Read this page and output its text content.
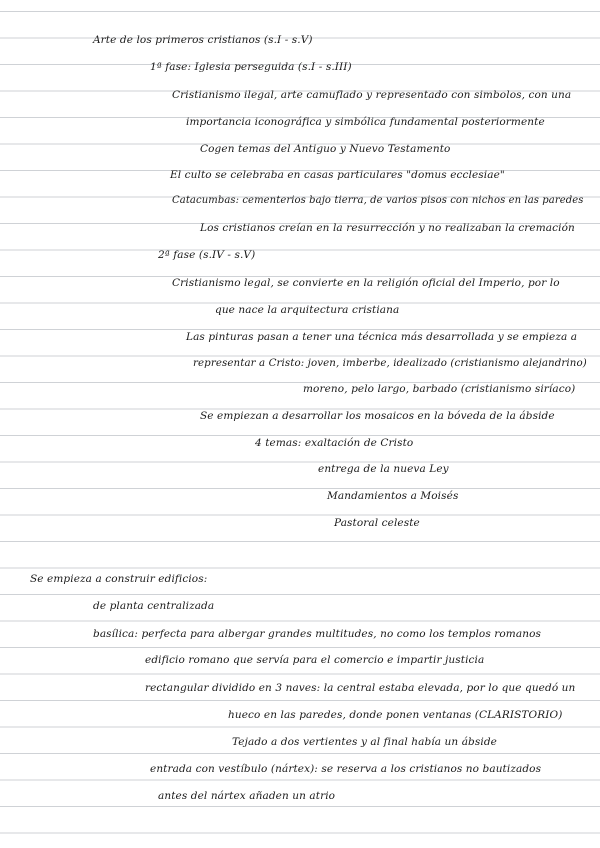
Arte de los primeros cristianos (s.I - s.V)
1ª fase: Iglesia perseguida (s.I - s.III)
Cristianismo ilegal, arte camuflado y representado con simbolos, con una
importancia iconográfica y simbólica fundamental posteriormente
Cogen temas del Antiguo y Nuevo Testamento
El culto se celebraba en casas particulares "domus ecclesiae"
Catacumbas: cementerios bajo tierra, de varios pisos con nichos en las paredes
Los cristianos creían en la resurrección y no realizaban la cremación
2ª fase (s.IV - s.V)
Cristianismo legal, se convierte en la religión oficial del Imperio, por lo
que nace la arquitectura cristiana
Las pinturas pasan a tener una técnica más desarrollada y se empieza a
representar a Cristo: joven, imberbe, idealizado (cristianismo alejandrino)
moreno, pelo largo, barbado (cristianismo siríaco)
Se empiezan a desarrollar los mosaicos en la bóveda de la ábside
4 temas: exaltación de Cristo
entrega de la nueva Ley
Mandamientos a Moisés
Pastoral celeste
Se empieza a construir edificios:
de planta centralizada
basílica: perfecta para albergar grandes multitudes, no como los templos romanos
edificio romano que servía para el comercio e impartir justicia
rectangular dividido en 3 naves: la central estaba elevada, por lo que quedó un
hueco en las paredes, donde ponen ventanas (CLARISTORIO)
Tejado a dos vertientes y al final había un ábside
entrada con vestíbulo (nártex): se reserva a los cristianos no bautizados
antes del nártex añaden un atrio
